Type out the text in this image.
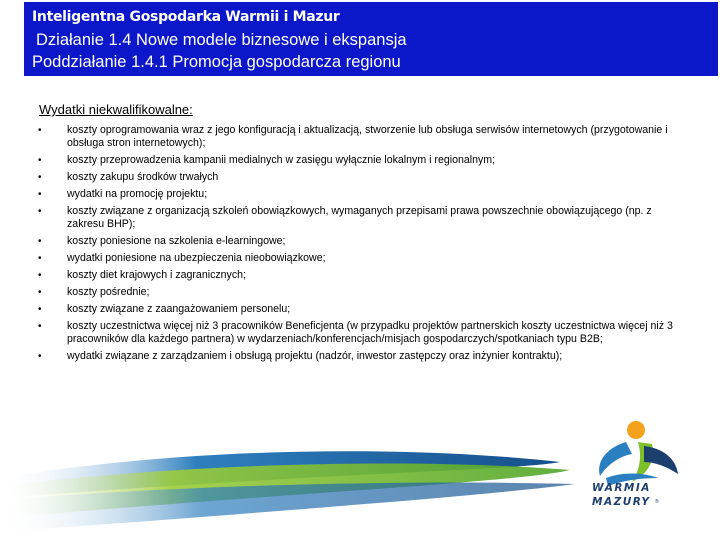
Inteligentna Gospodarka Warmii i Mazur
Działanie 1.4 Nowe modele biznesowe i ekspansja
Poddziałanie 1.4.1 Promocja gospodarcza regionu
Wydatki niekwalifikowalne:
•	koszty oprogramowania wraz z jego konfiguracją i aktualizacją, stworzenie lub obsługa serwisów internetowych (przygotowanie i obsługa stron internetowych);
•	koszty przeprowadzenia kampanii medialnych w zasięgu wyłącznie lokalnym i regionalnym;
•	koszty zakupu środków trwałych
•	wydatki na promocję projektu;
•	koszty związane z organizacją szkoleń obowiązkowych, wymaganych przepisami prawa powszechnie obowiązującego (np. z zakresu BHP);
•	koszty poniesione na szkolenia e-learningowe;
•	wydatki poniesione na ubezpieczenia nieobowiązkowe;
•	koszty diet krajowych i zagranicznych;
•	koszty pośrednie;
•	koszty związane z zaangażowaniem personelu;
•	koszty uczestnictwa więcej niż 3 pracowników Beneficjenta (w przypadku projektów partnerskich koszty uczestnictwa więcej niż 3 pracowników dla każdego partnera) w wydarzeniach/konferencjach/misjach gospodarczych/spotkaniach typu B2B;
•	wydatki związane z zarządzaniem i obsługą projektu (nadzór, inwestor zastępczy oraz inżynier kontraktu);
WARMIA
MAZURY ®
